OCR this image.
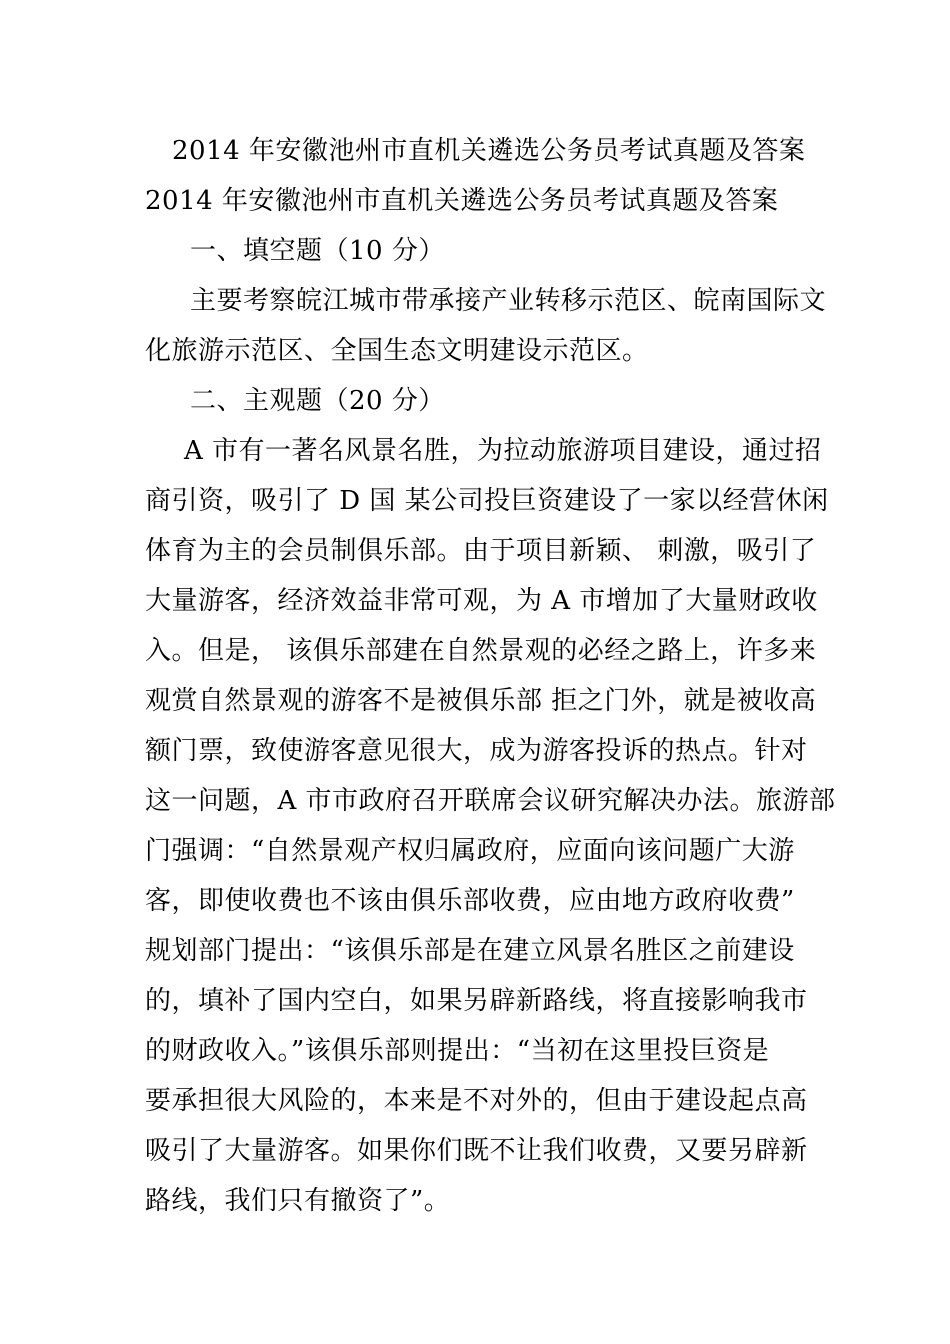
2014 年安徽池州市直机关遴选公务员考试真题及答案
2014 年安徽池州市直机关遴选公务员考试真题及答案
一、填空题（10 分）
主要考察皖江城市带承接产业转移示范区、皖南国际文
化旅游示范区、全国生态文明建设示范区。
二、主观题（20 分）
A 市有一著名风景名胜，为拉动旅游项目建设，通过招
商引资，吸引了 D 国 某公司投巨资建设了一家以经营休闲
体育为主的会员制俱乐部。由于项目新颖、 刺激，吸引了
大量游客，经济效益非常可观，为 A 市增加了大量财政收
入。但是， 该俱乐部建在自然景观的必经之路上，许多来
观赏自然景观的游客不是被俱乐部 拒之门外，就是被收高
额门票，致使游客意见很大，成为游客投诉的热点。针对
这一问题，A 市市政府召开联席会议研究解决办法。旅游部
门强调：“自然景观产权归属政府，应面向该问题广大游
客，即使收费也不该由俱乐部收费，应由地方政府收费”
规划部门提出：“该俱乐部是在建立风景名胜区之前建设
的，填补了国内空白，如果另辟新路线，将直接影响我市
的财政收入。”该俱乐部则提出：“当初在这里投巨资是
要承担很大风险的，本来是不对外的，但由于建设起点高
吸引了大量游客。如果你们既不让我们收费，又要另辟新
路线，我们只有撤资了”。
